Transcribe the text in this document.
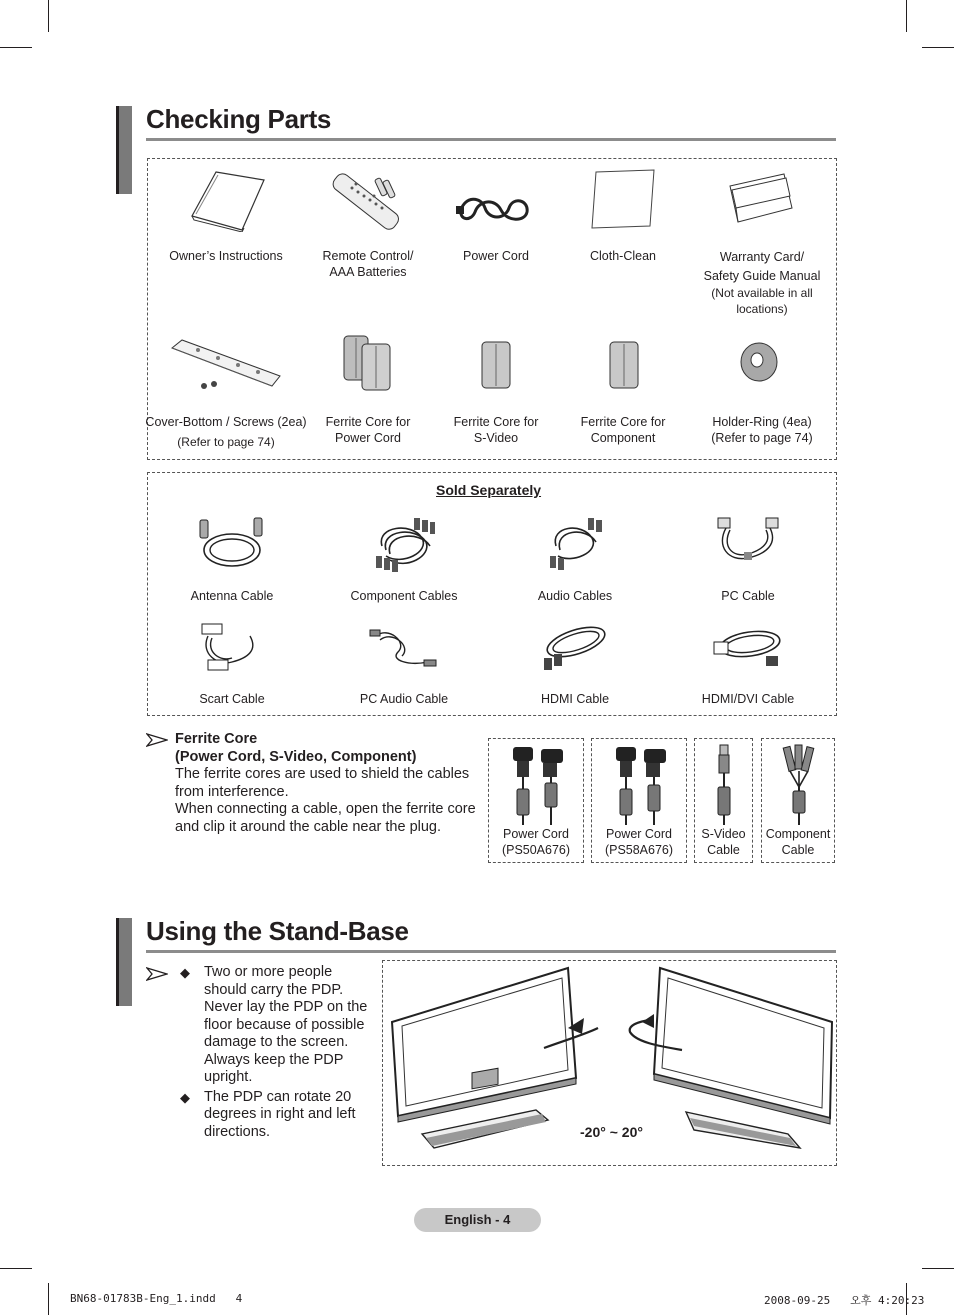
Checking Parts
Owner’s Instructions	Remote Control/
AAA Batteries
Power Cord	Cloth-Clean	Warranty Card/
Safety Guide Manual
(Not available in all
locations)
Cover-Bottom / Screws (2ea)
(Refer to page 74)
Ferrite Core for
Power Cord
Ferrite Core for
S-Video
Ferrite Core for
Component
Holder-Ring (4ea)
(Refer to page 74)
Sold Separately
Antenna Cable	Component Cables	Audio Cables	PC Cable
Scart Cable	PC Audio Cable	HDMI Cable	HDMI/DVI Cable
Ferrite Core
(Power Cord, S-Video, Component)
The ferrite cores are used to shield the cables
from interference.
When connecting a cable, open the ferrite core
and clip it around the cable near the plug.	Power Cord
(PS50A676)
Power Cord
(PS58A676)
S-Video
Cable
Component
Cable
Using the Stand-Base
◆ Two or more people
should carry the PDP.
Never lay the PDP on the
floor because of possible
damage to the screen.
Always keep the PDP
upright.
◆ The PDP can rotate 20
degrees in right and left
directions.	-20° ~ 20°
English - 4
BN68-01783B-Eng_1.indd   4	2008-09-25   오후 4:20:23
